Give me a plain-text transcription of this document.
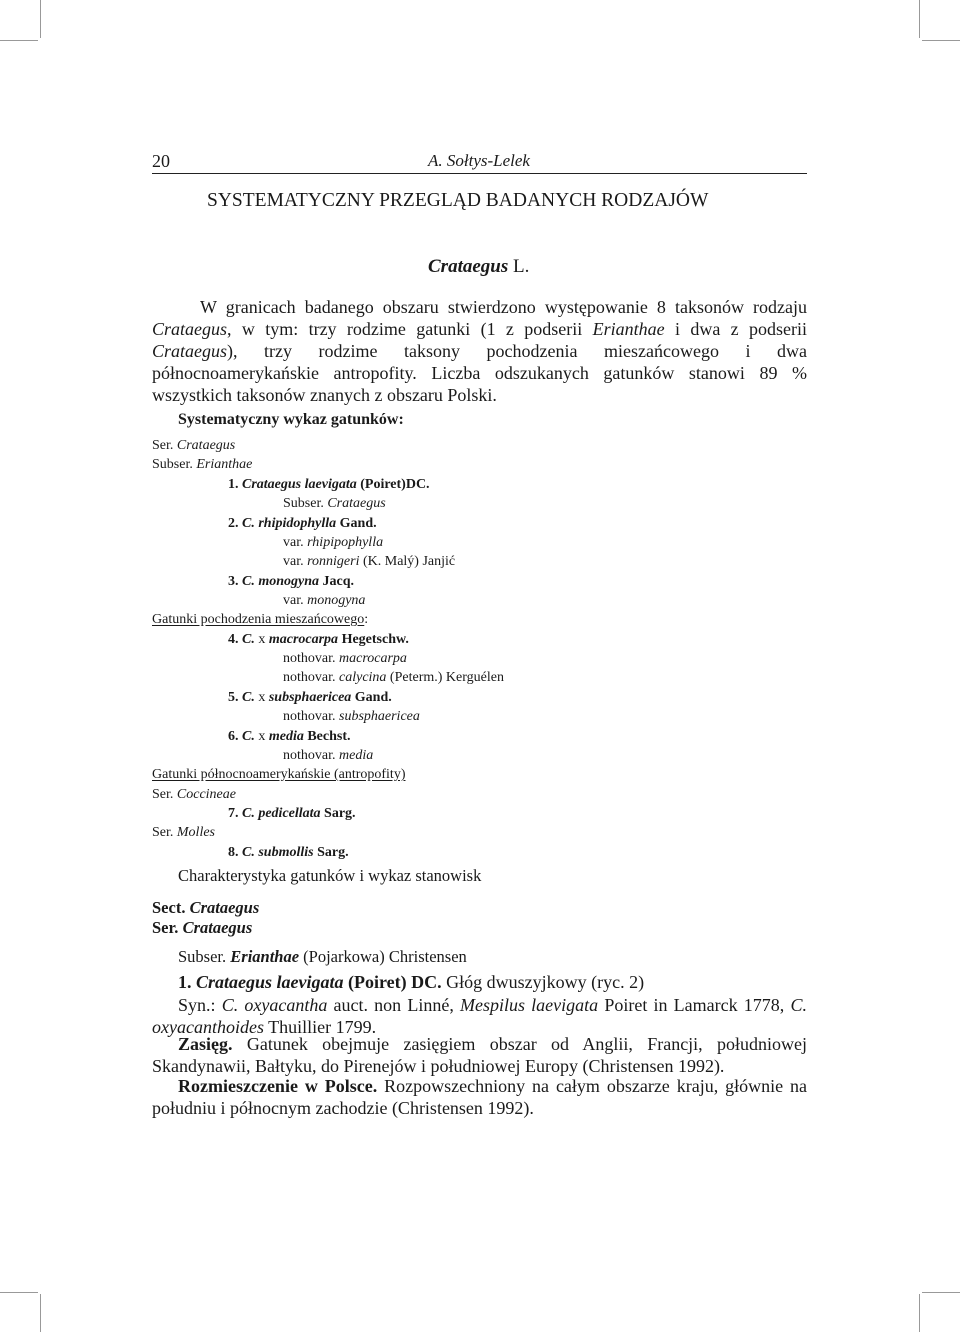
20	A. Sołtys-Lelek
SYSTEMATYCZNY PRZEGLĄD BADANYCH RODZAJÓW
Crataegus L.
W granicach badanego obszaru stwierdzono występowanie 8 taksonów rodzaju Crataegus, w tym: trzy rodzime gatunki (1 z podserii Erianthae i dwa z podserii Crataegus), trzy rodzime taksony pochodzenia mieszańcowego i dwa północnoamerykańskie antropofity. Liczba odszukanych gatunków stanowi 89 % wszystkich taksonów znanych z obszaru Polski.
Systematyczny wykaz gatunków:
Ser. Crataegus
Subser. Erianthae
1. Crataegus laevigata (Poiret)DC.
Subser. Crataegus
2. C. rhipidophylla Gand.
var. rhipipophylla
var. ronnigeri (K. Malý) Janjić
3. C. monogyna Jacq.
var. monogyna
Gatunki pochodzenia mieszańcowego:
4. C. x macrocarpa Hegetschw.
nothovar. macrocarpa
nothovar. calycina (Peterm.) Kerguélen
5. C. x subsphaericea Gand.
nothovar. subsphaericea
6. C. x media Bechst.
nothovar. media
Gatunki północnoamerykańskie (antropofity)
Ser. Coccineae
7. C. pedicellata Sarg.
Ser. Molles
8. C. submollis Sarg.
Charakterystyka gatunków i wykaz stanowisk
Sect. Crataegus
Ser. Crataegus
Subser. Erianthae (Pojarkowa) Christensen
1. Crataegus laevigata (Poiret) DC. Głóg dwuszyjkowy (ryc. 2)
Syn.: C. oxyacantha auct. non Linné, Mespilus laevigata Poiret in Lamarck 1778, C. oxyacanthoides Thuillier 1799.
Zasięg. Gatunek obejmuje zasięgiem obszar od Anglii, Francji, południowej Skandynawii, Bałtyku, do Pirenejów i południowej Europy (Christensen 1992).
Rozmieszczenie w Polsce. Rozpowszechniony na całym obszarze kraju, głównie na południu i północnym zachodzie (Christensen 1992).
